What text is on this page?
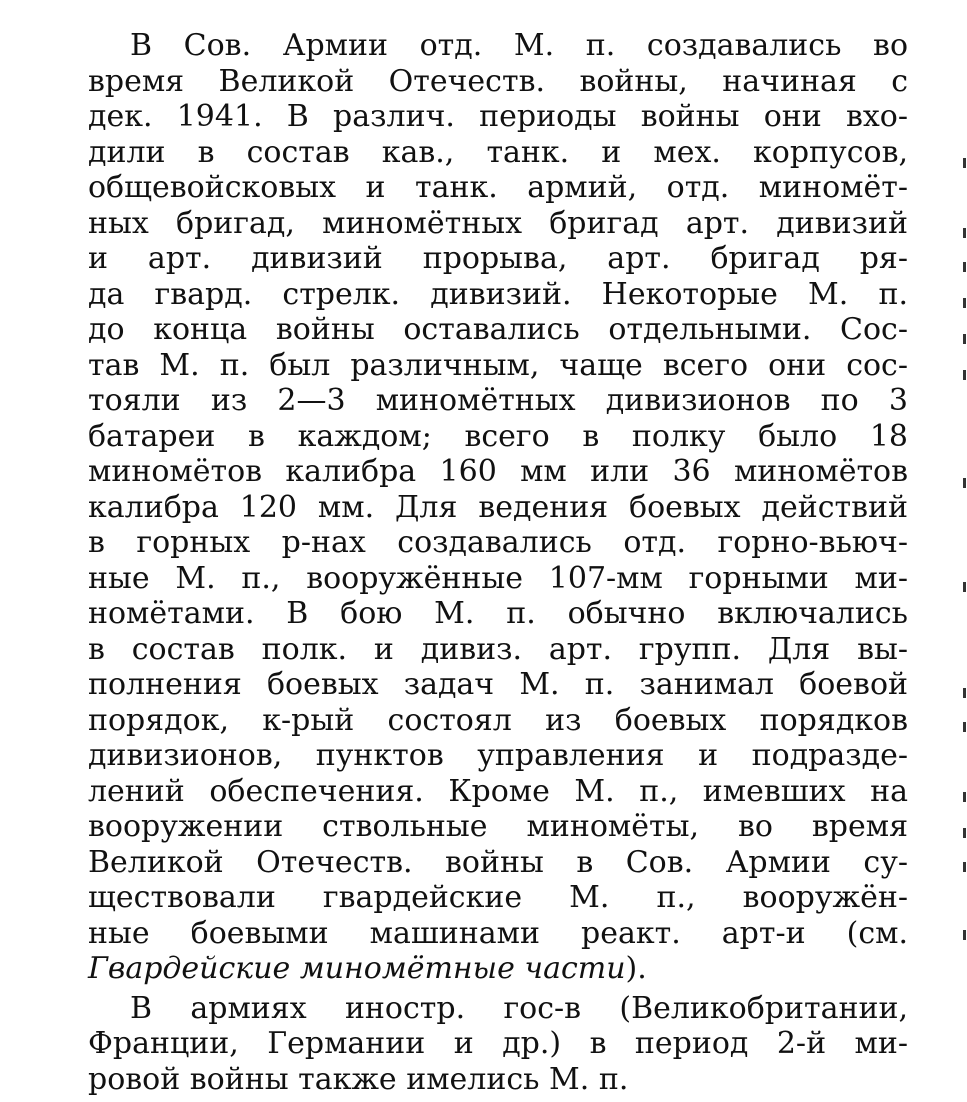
В Сов. Армии отд. М. п. создавались во
время Великой Отечеств. войны, начиная с
дек. 1941. В различ. периоды войны они вхо-
дили в состав кав., танк. и мех. корпусов,
общевойсковых и танк. армий, отд. миномёт-
ных бригад, миномётных бригад арт. дивизий
и арт. дивизий прорыва, арт. бригад ря-
да гвард. стрелк. дивизий. Некоторые М. п.
до конца войны оставались отдельными. Сос-
тав М. п. был различным, чаще всего они сос-
тояли из 2—3 миномётных дивизионов по 3
батареи в каждом; всего в полку было 18
миномётов калибра 160 мм или 36 миномётов
калибра 120 мм. Для ведения боевых действий
в горных р-нах создавались отд. горно-вьюч-
ные М. п., вооружённые 107-мм горными ми-
номётами. В бою М. п. обычно включались
в состав полк. и дивиз. арт. групп. Для вы-
полнения боевых задач М. п. занимал боевой
порядок, к-рый состоял из боевых порядков
дивизионов, пунктов управления и подразде-
лений обеспечения. Кроме М. п., имевших на
вооружении ствольные миномёты, во время
Великой Отечеств. войны в Сов. Армии су-
ществовали гвардейские М. п., вооружён-
ные боевыми машинами реакт. арт-и (см.
Гвардейские миномётные части).
В армиях иностр. гос-в (Великобритании,
Франции, Германии и др.) в период 2-й ми-
ровой войны также имелись М. п.
